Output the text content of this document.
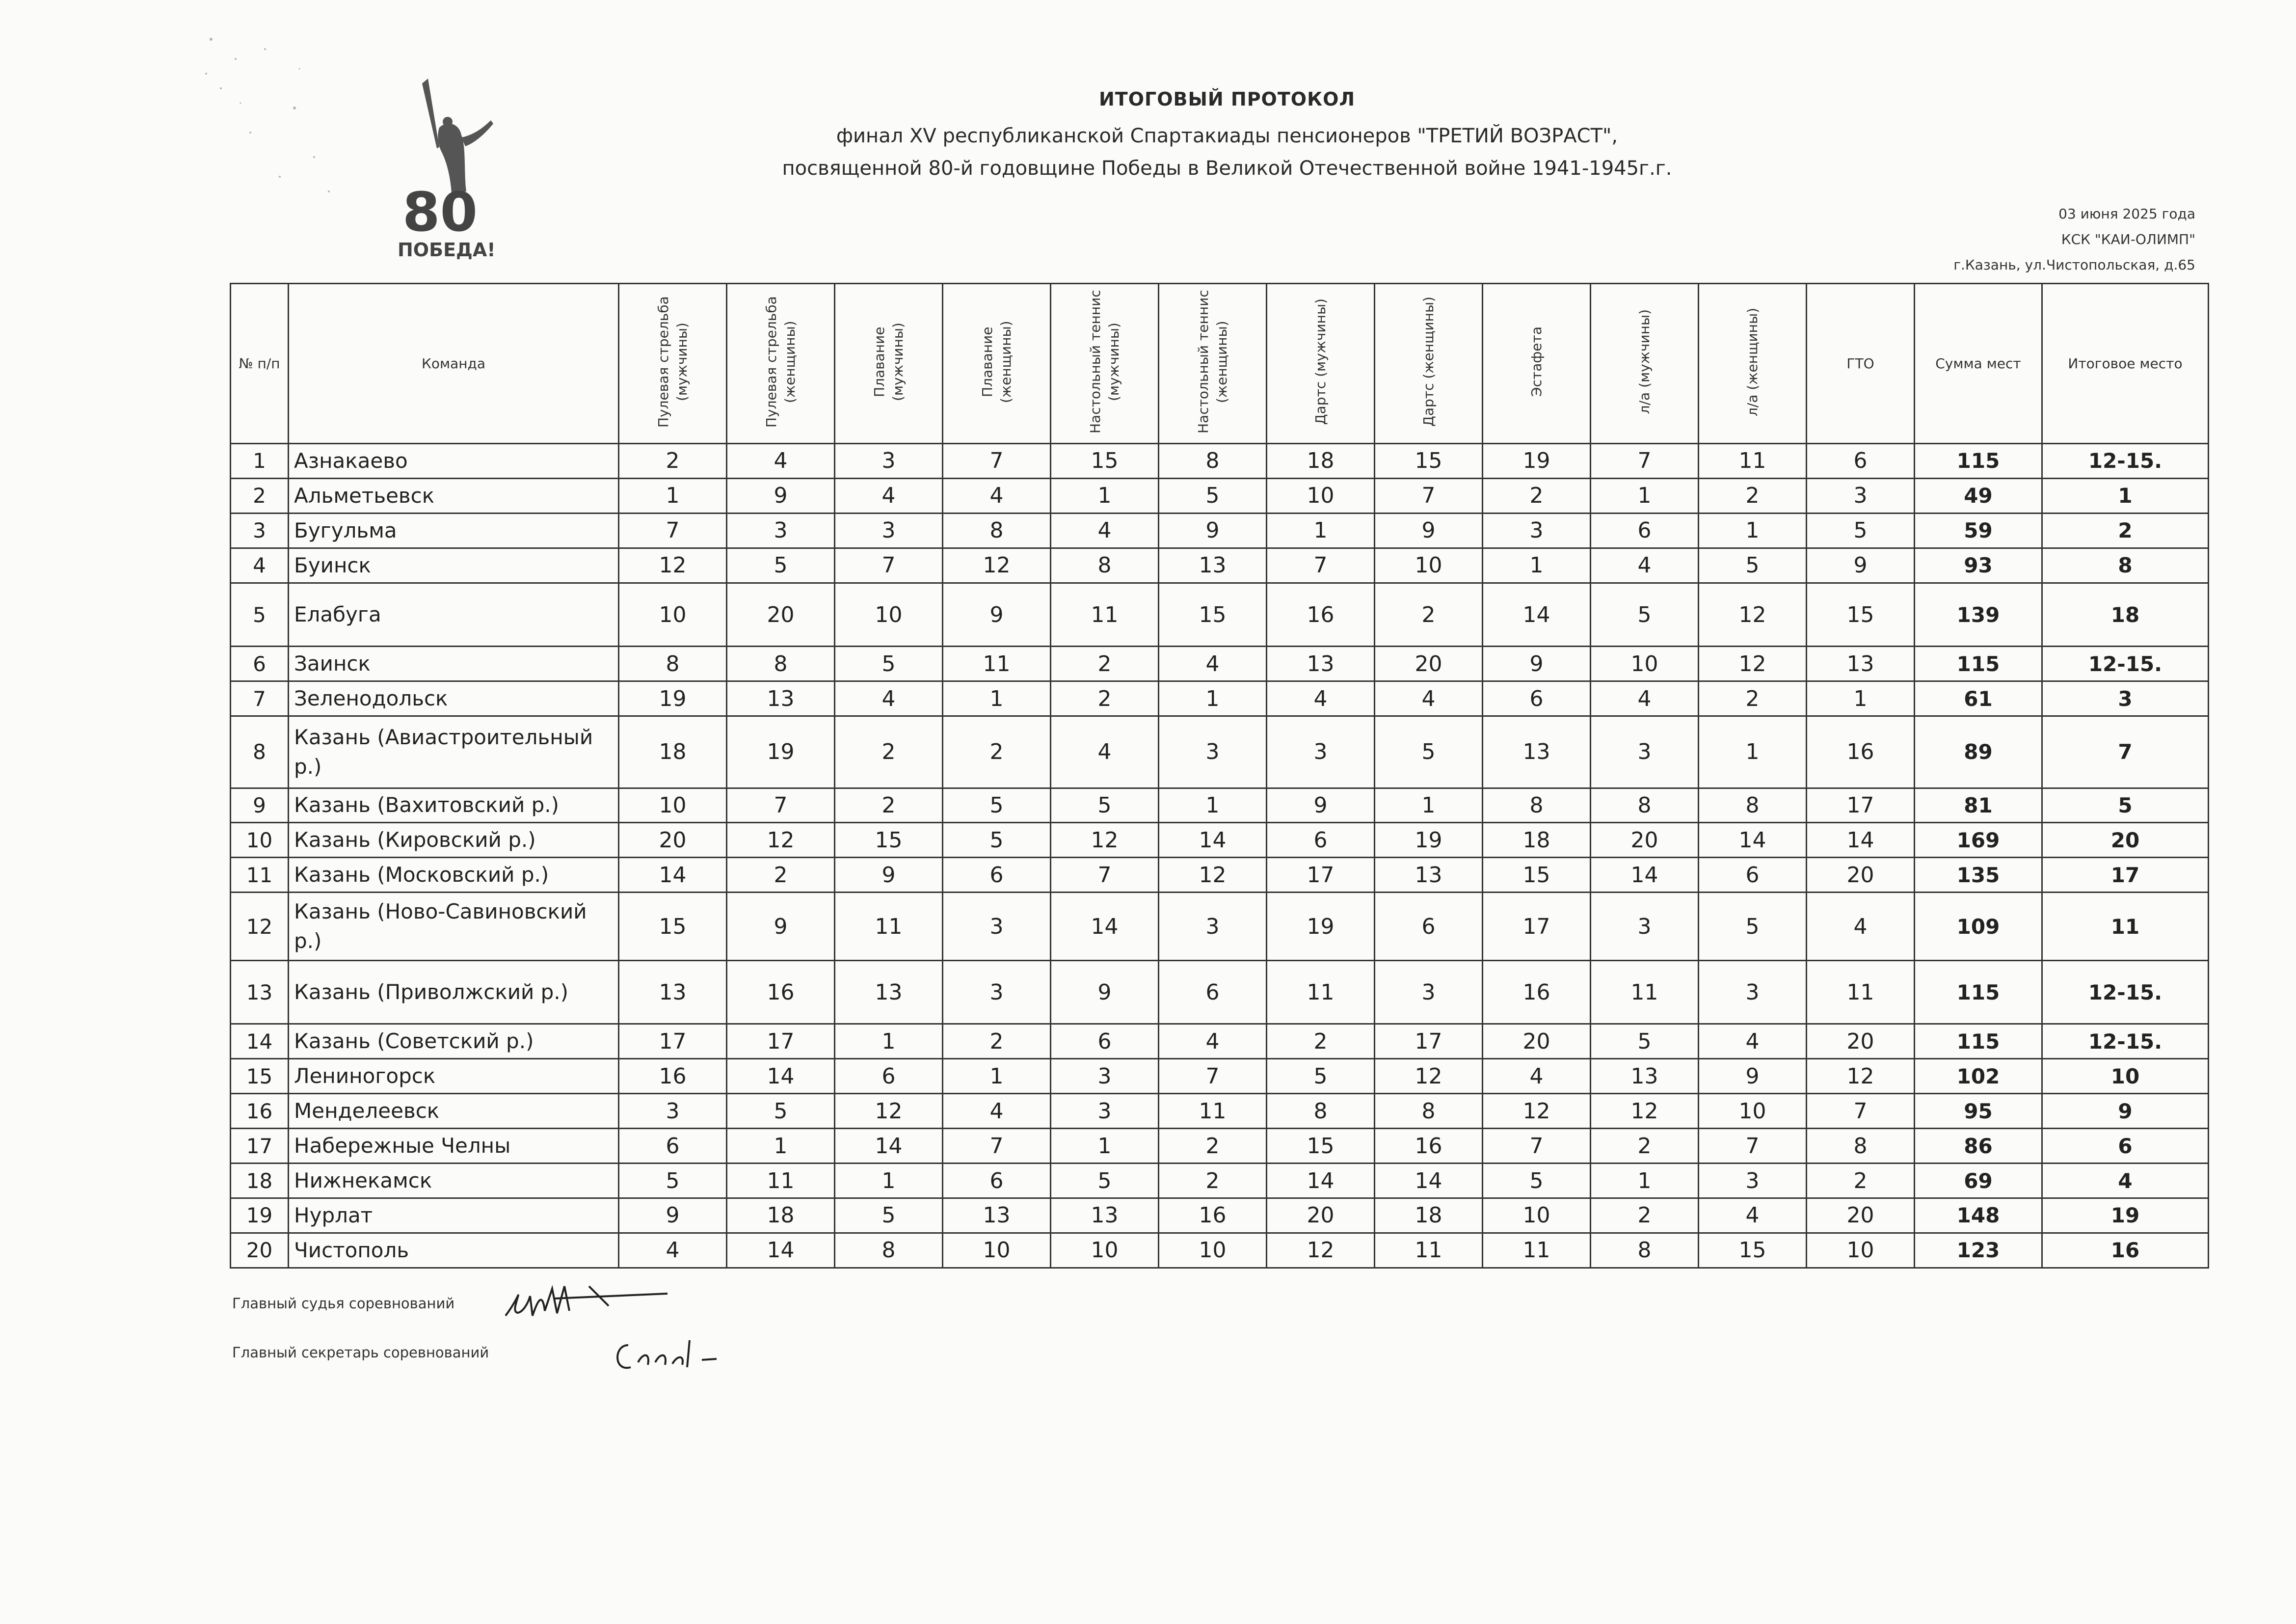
80
ПОБЕДА!
ИТОГОВЫЙ ПРОТОКОЛ
финал XV республиканской Спартакиады пенсионеров "ТРЕТИЙ ВОЗРАСТ",
посвященной 80-й годовщине Победы в Великой Отечественной войне 1941-1945г.г.
03 июня 2025 года
КСК "КАИ-ОЛИМП"
г.Казань, ул.Чистопольская, д.65
№ п/п	Команда	Пулевая стрельба (мужчины)	Пулевая стрельба (женщины)	Плавание (мужчины)	Плавание (женщины)	Настольный теннис (мужчины)	Настольный теннис (женщины)	Дартс (мужчины)	Дартс (женщины)	Эстафета	л/а (мужчины)	л/а (женщины)	ГТО	Сумма мест	Итоговое место
1	Азнакаево	2	4	3	7	15	8	18	15	19	7	11	6	115	12-15.
2	Альметьевск	1	9	4	4	1	5	10	7	2	1	2	3	49	1
3	Бугульма	7	3	3	8	4	9	1	9	3	6	1	5	59	2
4	Буинск	12	5	7	12	8	13	7	10	1	4	5	9	93	8
5	Елабуга	10	20	10	9	11	15	16	2	14	5	12	15	139	18
6	Заинск	8	8	5	11	2	4	13	20	9	10	12	13	115	12-15.
7	Зеленодольск	19	13	4	1	2	1	4	4	6	4	2	1	61	3
8	Казань (Авиастроительный р.)	18	19	2	2	4	3	3	5	13	3	1	16	89	7
9	Казань (Вахитовский р.)	10	7	2	5	5	1	9	1	8	8	8	17	81	5
10	Казань (Кировский р.)	20	12	15	5	12	14	6	19	18	20	14	14	169	20
11	Казань (Московский р.)	14	2	9	6	7	12	17	13	15	14	6	20	135	17
12	Казань (Ново-Савиновский р.)	15	9	11	3	14	3	19	6	17	3	5	4	109	11
13	Казань (Приволжский р.)	13	16	13	3	9	6	11	3	16	11	3	11	115	12-15.
14	Казань (Советский р.)	17	17	1	2	6	4	2	17	20	5	4	20	115	12-15.
15	Лениногорск	16	14	6	1	3	7	5	12	4	13	9	12	102	10
16	Менделеевск	3	5	12	4	3	11	8	8	12	12	10	7	95	9
17	Набережные Челны	6	1	14	7	1	2	15	16	7	2	7	8	86	6
18	Нижнекамск	5	11	1	6	5	2	14	14	5	1	3	2	69	4
19	Нурлат	9	18	5	13	13	16	20	18	10	2	4	20	148	19
20	Чистополь	4	14	8	10	10	10	12	11	11	8	15	10	123	16
Главный судья соревнований
Главный секретарь соревнований
